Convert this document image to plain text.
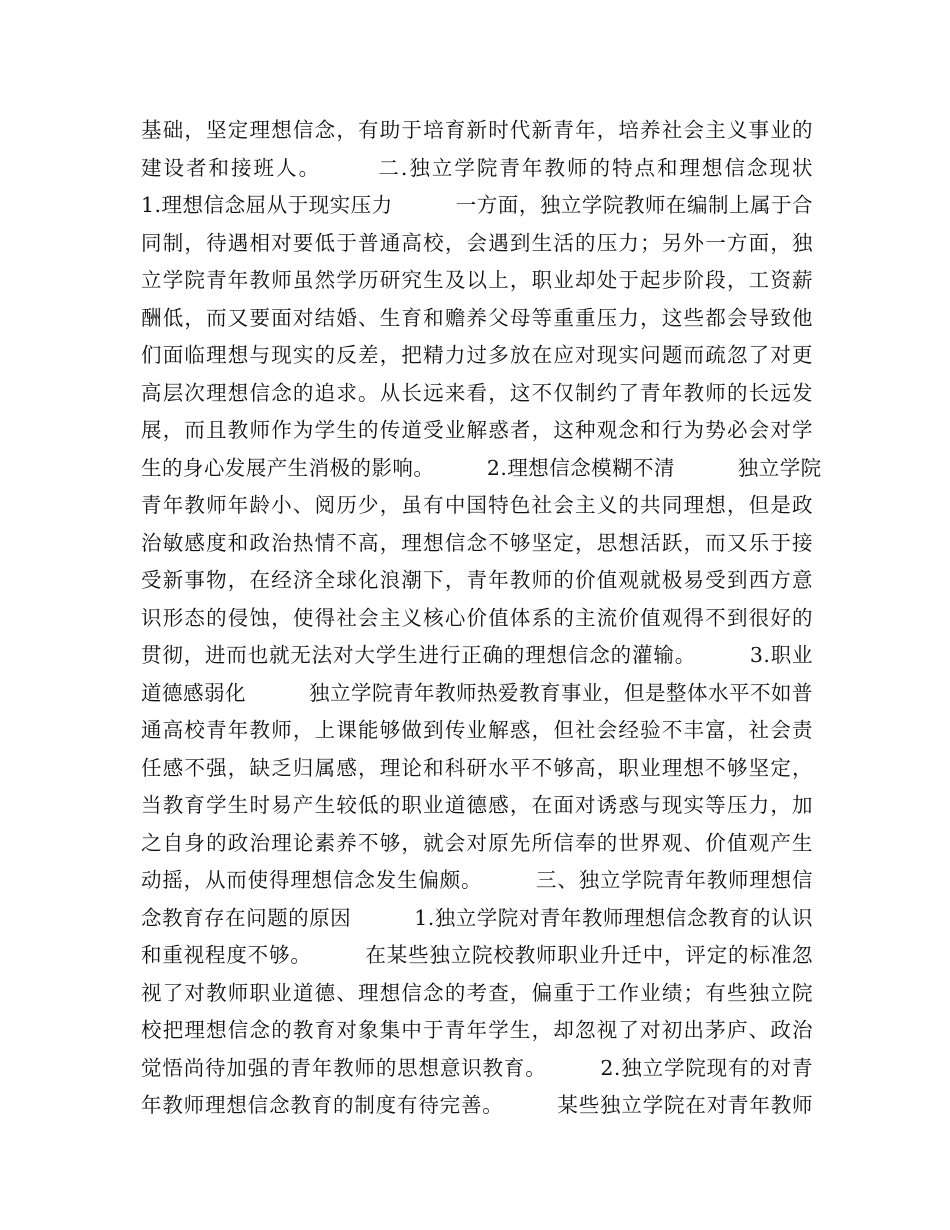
基础，坚定理想信念，有助于培育新时代新青年，培养社会主义事业的
建设者和接班人。　　　二.独立学院青年教师的特点和理想信念现状
1.理想信念屈从于现实压力　　　一方面，独立学院教师在编制上属于合
同制，待遇相对要低于普通高校，会遇到生活的压力；另外一方面，独
立学院青年教师虽然学历研究生及以上，职业却处于起步阶段，工资薪
酬低，而又要面对结婚、生育和赡养父母等重重压力，这些都会导致他
们面临理想与现实的反差，把精力过多放在应对现实问题而疏忽了对更
高层次理想信念的追求。从长远来看，这不仅制约了青年教师的长远发
展，而且教师作为学生的传道受业解惑者，这种观念和行为势必会对学
生的身心发展产生消极的影响。　　　2.理想信念模糊不清　　　独立学院
青年教师年龄小、阅历少，虽有中国特色社会主义的共同理想，但是政
治敏感度和政治热情不高，理想信念不够坚定，思想活跃，而又乐于接
受新事物，在经济全球化浪潮下，青年教师的价值观就极易受到西方意
识形态的侵蚀，使得社会主义核心价值体系的主流价值观得不到很好的
贯彻，进而也就无法对大学生进行正确的理想信念的灌输。　　　3.职业
道德感弱化　　　独立学院青年教师热爱教育事业，但是整体水平不如普
通高校青年教师，上课能够做到传业解惑，但社会经验不丰富，社会责
任感不强，缺乏归属感，理论和科研水平不够高，职业理想不够坚定，
当教育学生时易产生较低的职业道德感，在面对诱惑与现实等压力，加
之自身的政治理论素养不够，就会对原先所信奉的世界观、价值观产生
动摇，从而使得理想信念发生偏颇。　　　三、独立学院青年教师理想信
念教育存在问题的原因　　　1.独立学院对青年教师理想信念教育的认识
和重视程度不够。　　　在某些独立院校教师职业升迁中，评定的标准忽
视了对教师职业道德、理想信念的考查，偏重于工作业绩；有些独立院
校把理想信念的教育对象集中于青年学生，却忽视了对初出茅庐、政治
觉悟尚待加强的青年教师的思想意识教育。　　　2.独立学院现有的对青
年教师理想信念教育的制度有待完善。　　　某些独立学院在对青年教师
